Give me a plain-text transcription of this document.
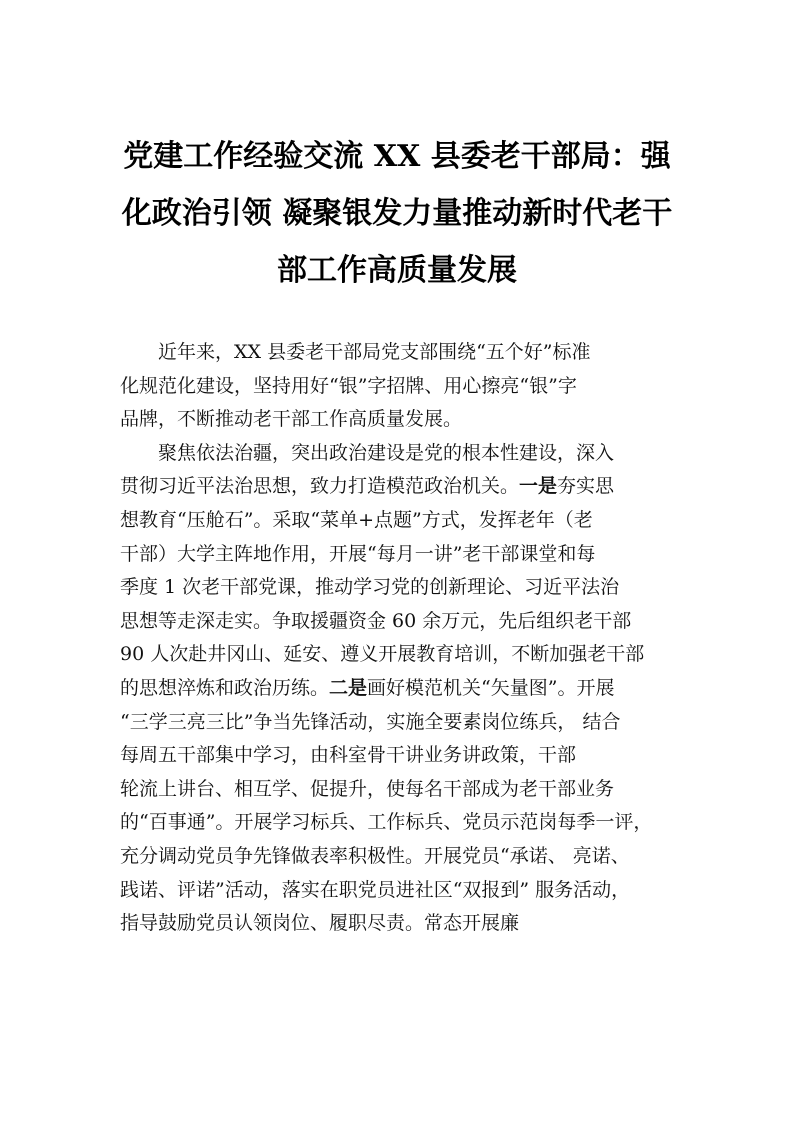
党建工作经验交流 XX 县委老干部局：强
化政治引领 凝聚银发力量推动新时代老干
部工作高质量发展
近年来，XX 县委老干部局党支部围绕“五个好”标准
化规范化建设，坚持用好“银”字招牌、用心擦亮“银”字
品牌，不断推动老干部工作高质量发展。
聚焦依法治疆，突出政治建设是党的根本性建设，深入
贯彻习近平法治思想，致力打造模范政治机关。一是夯实思
想教育“压舱石”。采取“菜单+点题”方式，发挥老年（老
干部）大学主阵地作用，开展“每月一讲”老干部课堂和每
季度 1 次老干部党课，推动学习党的创新理论、习近平法治
思想等走深走实。争取援疆资金 60 余万元，先后组织老干部
90 人次赴井冈山、延安、遵义开展教育培训，不断加强老干部
的思想淬炼和政治历练。二是画好模范机关“矢量图”。开展
“三学三亮三比”争当先锋活动，实施全要素岗位练兵， 结合
每周五干部集中学习，由科室骨干讲业务讲政策，干部
轮流上讲台、相互学、促提升，使每名干部成为老干部业务
的“百事通”。开展学习标兵、工作标兵、党员示范岗每季一评，
充分调动党员争先锋做表率积极性。开展党员“承诺、 亮诺、
践诺、评诺”活动，落实在职党员进社区“双报到” 服务活动，
指导鼓励党员认领岗位、履职尽责。常态开展廉
